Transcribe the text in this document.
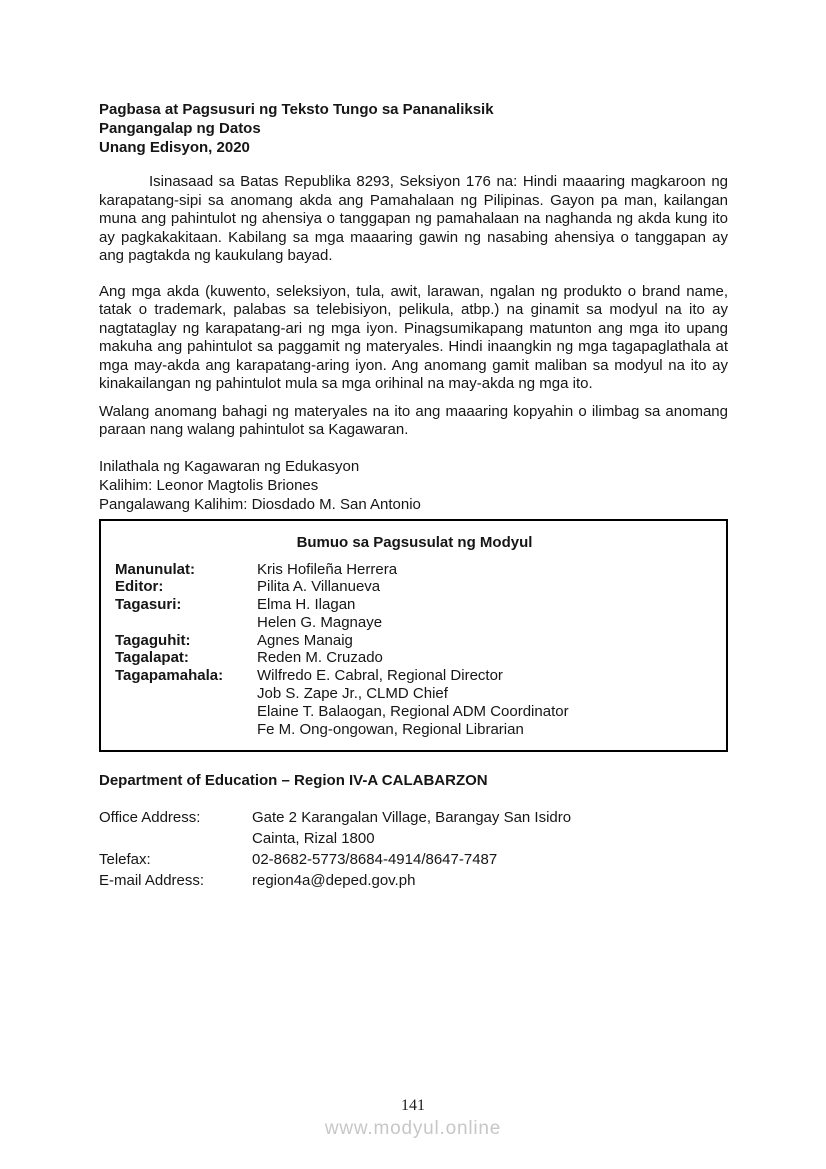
Pagbasa at Pagsusuri ng Teksto Tungo sa Pananaliksik
Pangangalap ng Datos
Unang Edisyon, 2020

Isinasaad sa Batas Republika 8293, Seksiyon 176 na: Hindi maaaring magkaroon ng karapatang-sipi sa anomang akda ang Pamahalaan ng Pilipinas. Gayon pa man, kailangan muna ang pahintulot ng ahensiya o tanggapan ng pamahalaan na naghanda ng akda kung ito ay pagkakakitaan. Kabilang sa mga maaaring gawin ng nasabing ahensiya o tanggapan ay ang pagtakda ng kaukulang bayad.

Ang mga akda (kuwento, seleksiyon, tula, awit, larawan, ngalan ng produkto o brand name, tatak o trademark, palabas sa telebisiyon, pelikula, atbp.) na ginamit sa modyul na ito ay nagtataglay ng karapatang-ari ng mga iyon. Pinagsumikapang matunton ang mga ito upang makuha ang pahintulot sa paggamit ng materyales. Hindi inaangkin ng mga tagapaglathala at mga may-akda ang karapatang-aring iyon. Ang anomang gamit maliban sa modyul na ito ay kinakailangan ng pahintulot mula sa mga orihinal na may-akda ng mga ito.

Walang anomang bahagi ng materyales na ito ang maaaring kopyahin o ilimbag sa anomang paraan nang walang pahintulot sa Kagawaran.

Inilathala ng Kagawaran ng Edukasyon
Kalihim: Leonor Magtolis Briones
Pangalawang Kalihim: Diosdado M. San Antonio
Bumuo sa Pagsusulat ng Modyul
Manunulat:	Kris Hofileña Herrera
Editor:	Pilita A. Villanueva
Tagasuri:	Elma H. Ilagan
Helen G. Magnaye
Tagaguhit:	Agnes Manaig
Tagalapat:	Reden M. Cruzado
Tagapamahala:	Wilfredo E. Cabral, Regional Director
Job S. Zape Jr., CLMD Chief
Elaine T. Balaogan, Regional ADM Coordinator
Fe M. Ong-ongowan, Regional Librarian
Department of Education – Region IV-A CALABARZON
Office Address:	Gate 2 Karangalan Village, Barangay San Isidro
Cainta, Rizal 1800
Telefax:	02-8682-5773/8684-4914/8647-7487
E-mail Address:	region4a@deped.gov.ph
141
www.modyul.online
